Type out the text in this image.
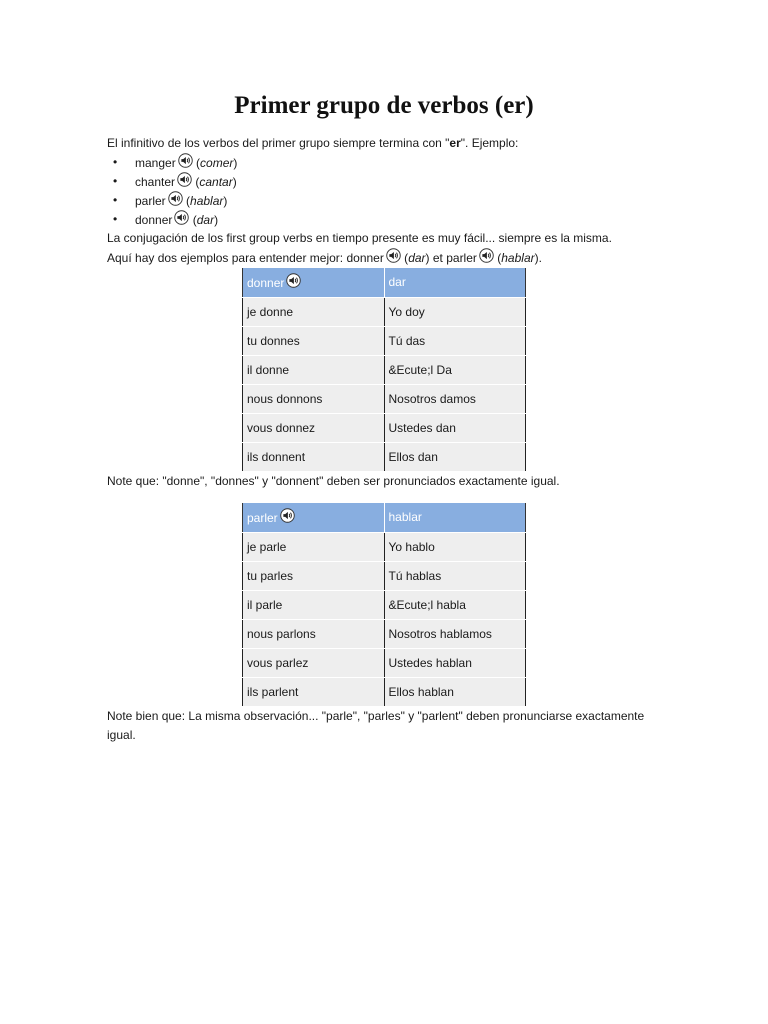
Primer grupo de verbos (er)

El infinitivo de los verbos del primer grupo siempre termina con "er". Ejemplo:

• manger (comer)
• chanter (cantar)
• parler (hablar)
• donner (dar)

La conjugación de los first group verbs en tiempo presente es muy fácil... siempre es la misma.

Aquí hay dos ejemplos para entender mejor: donner (dar) et parler (hablar).

donner	dar
je donne	Yo doy
tu donnes	Tú das
il donne	&Ecute;l Da
nous donnons	Nosotros damos
vous donnez	Ustedes dan
ils donnent	Ellos dan

Note que: "donne", "donnes" y "donnent" deben ser pronunciados exactamente igual.

parler	hablar
je parle	Yo hablo
tu parles	Tú hablas
il parle	&Ecute;l habla
nous parlons	Nosotros hablamos
vous parlez	Ustedes hablan
ils parlent	Ellos hablan

Note bien que: La misma observación... "parle", "parles" y "parlent" deben pronunciarse exactamente igual.
